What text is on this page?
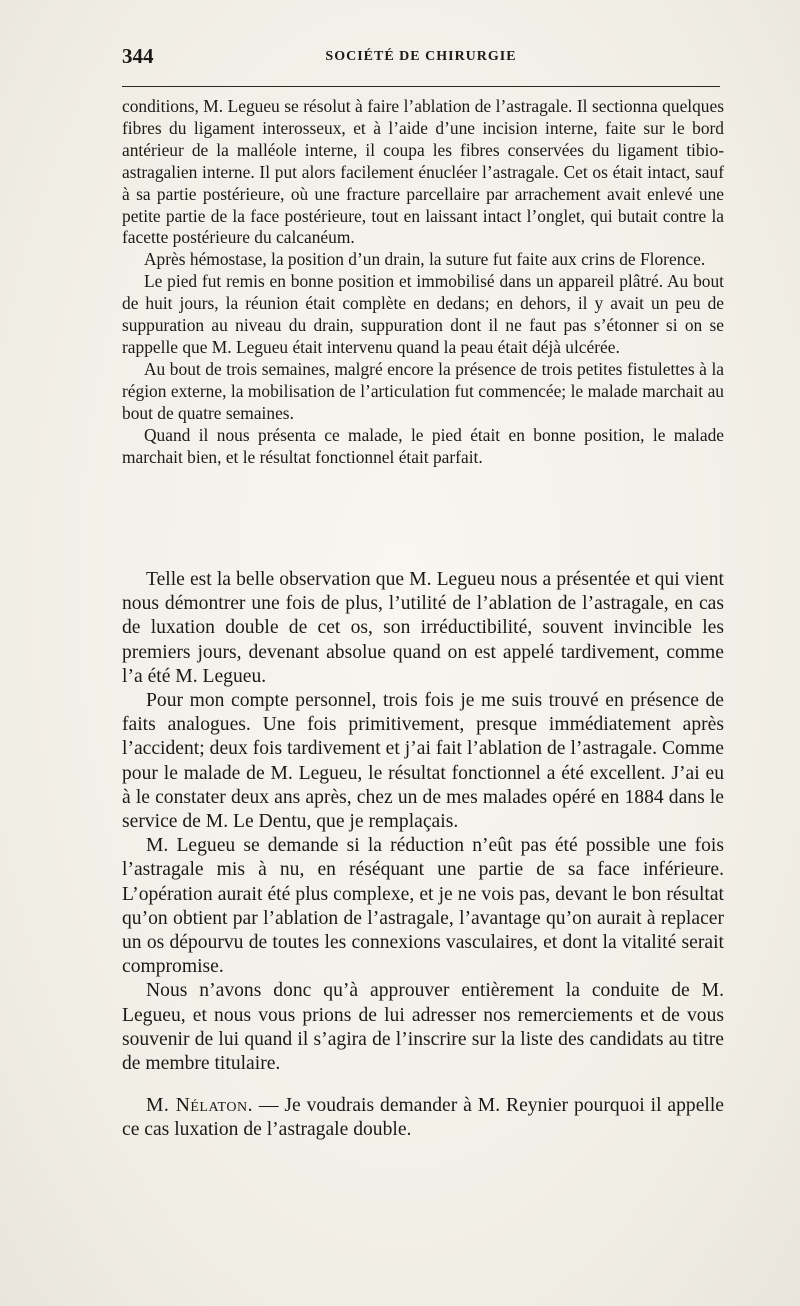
344	SOCIÉTÉ DE CHIRURGIE

conditions, M. Legueu se résolut à faire l’ablation de l’astragale. Il sectionna quelques fibres du ligament interosseux, et à l’aide d’une incision interne, faite sur le bord antérieur de la malléole interne, il coupa les fibres conservées du ligament tibio-astragalien interne. Il put alors facilement énucléer l’astragale. Cet os était intact, sauf à sa partie postérieure, où une fracture parcellaire par arrachement avait enlevé une petite partie de la face postérieure, tout en laissant intact l’onglet, qui butait contre la facette postérieure du calcanéum.

Après hémostase, la position d’un drain, la suture fut faite aux crins de Florence.

Le pied fut remis en bonne position et immobilisé dans un appareil plâtré. Au bout de huit jours, la réunion était complète en dedans; en dehors, il y avait un peu de suppuration au niveau du drain, suppuration dont il ne faut pas s’étonner si on se rappelle que M. Legueu était intervenu quand la peau était déjà ulcérée.

Au bout de trois semaines, malgré encore la présence de trois petites fistulettes à la région externe, la mobilisation de l’articulation fut commencée; le malade marchait au bout de quatre semaines.

Quand il nous présenta ce malade, le pied était en bonne position, le malade marchait bien, et le résultat fonctionnel était parfait.

Telle est la belle observation que M. Legueu nous a présentée et qui vient nous démontrer une fois de plus, l’utilité de l’ablation de l’astragale, en cas de luxation double de cet os, son irréductibilité, souvent invincible les premiers jours, devenant absolue quand on est appelé tardivement, comme l’a été M. Legueu.

Pour mon compte personnel, trois fois je me suis trouvé en présence de faits analogues. Une fois primitivement, presque immédiatement après l’accident; deux fois tardivement et j’ai fait l’ablation de l’astragale. Comme pour le malade de M. Legueu, le résultat fonctionnel a été excellent. J’ai eu à le constater deux ans après, chez un de mes malades opéré en 1884 dans le service de M. Le Dentu, que je remplaçais.

M. Legueu se demande si la réduction n’eût pas été possible une fois l’astragale mis à nu, en réséquant une partie de sa face inférieure. L’opération aurait été plus complexe, et je ne vois pas, devant le bon résultat qu’on obtient par l’ablation de l’astragale, l’avantage qu’on aurait à replacer un os dépourvu de toutes les connexions vasculaires, et dont la vitalité serait compromise.

Nous n’avons donc qu’à approuver entièrement la conduite de M. Legueu, et nous vous prions de lui adresser nos remerciements et de vous souvenir de lui quand il s’agira de l’inscrire sur la liste des candidats au titre de membre titulaire.

M. Nélaton. — Je voudrais demander à M. Reynier pourquoi il appelle ce cas luxation de l’astragale double.
